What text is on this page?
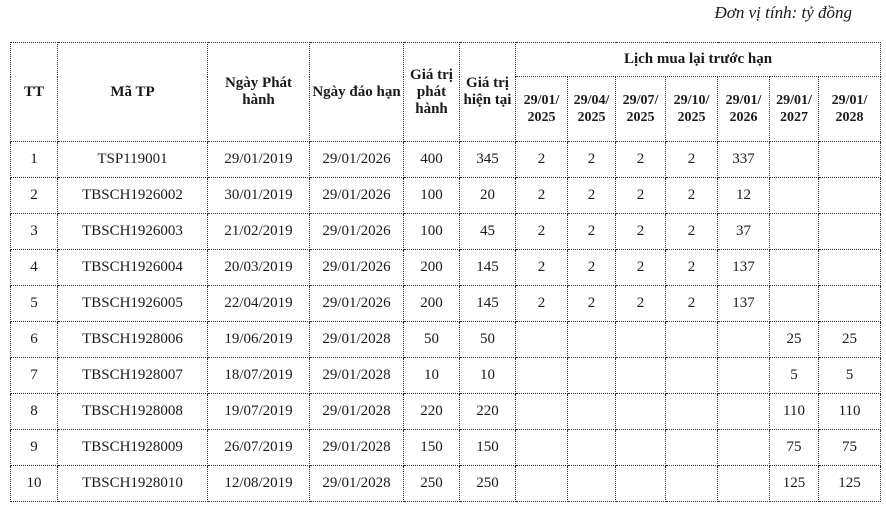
Đơn vị tính: tỷ đồng
TT	Mã TP	Ngày Phát hành	Ngày đáo hạn	Giá trị phát hành	Giá trị hiện tại	Lịch mua lại trước hạn						
						29/01/ 2025	29/04/ 2025	29/07/ 2025	29/10/ 2025	29/01/ 2026	29/01/ 2027	29/01/ 2028
1	TSP119001	29/01/2019	29/01/2026	400	345	2	2	2	2	337		
2	TBSCH1926002	30/01/2019	29/01/2026	100	20	2	2	2	2	12		
3	TBSCH1926003	21/02/2019	29/01/2026	100	45	2	2	2	2	37		
4	TBSCH1926004	20/03/2019	29/01/2026	200	145	2	2	2	2	137		
5	TBSCH1926005	22/04/2019	29/01/2026	200	145	2	2	2	2	137		
6	TBSCH1928006	19/06/2019	29/01/2028	50	50						25	25
7	TBSCH1928007	18/07/2019	29/01/2028	10	10						5	5
8	TBSCH1928008	19/07/2019	29/01/2028	220	220						110	110
9	TBSCH1928009	26/07/2019	29/01/2028	150	150						75	75
10	TBSCH1928010	12/08/2019	29/01/2028	250	250						125	125
